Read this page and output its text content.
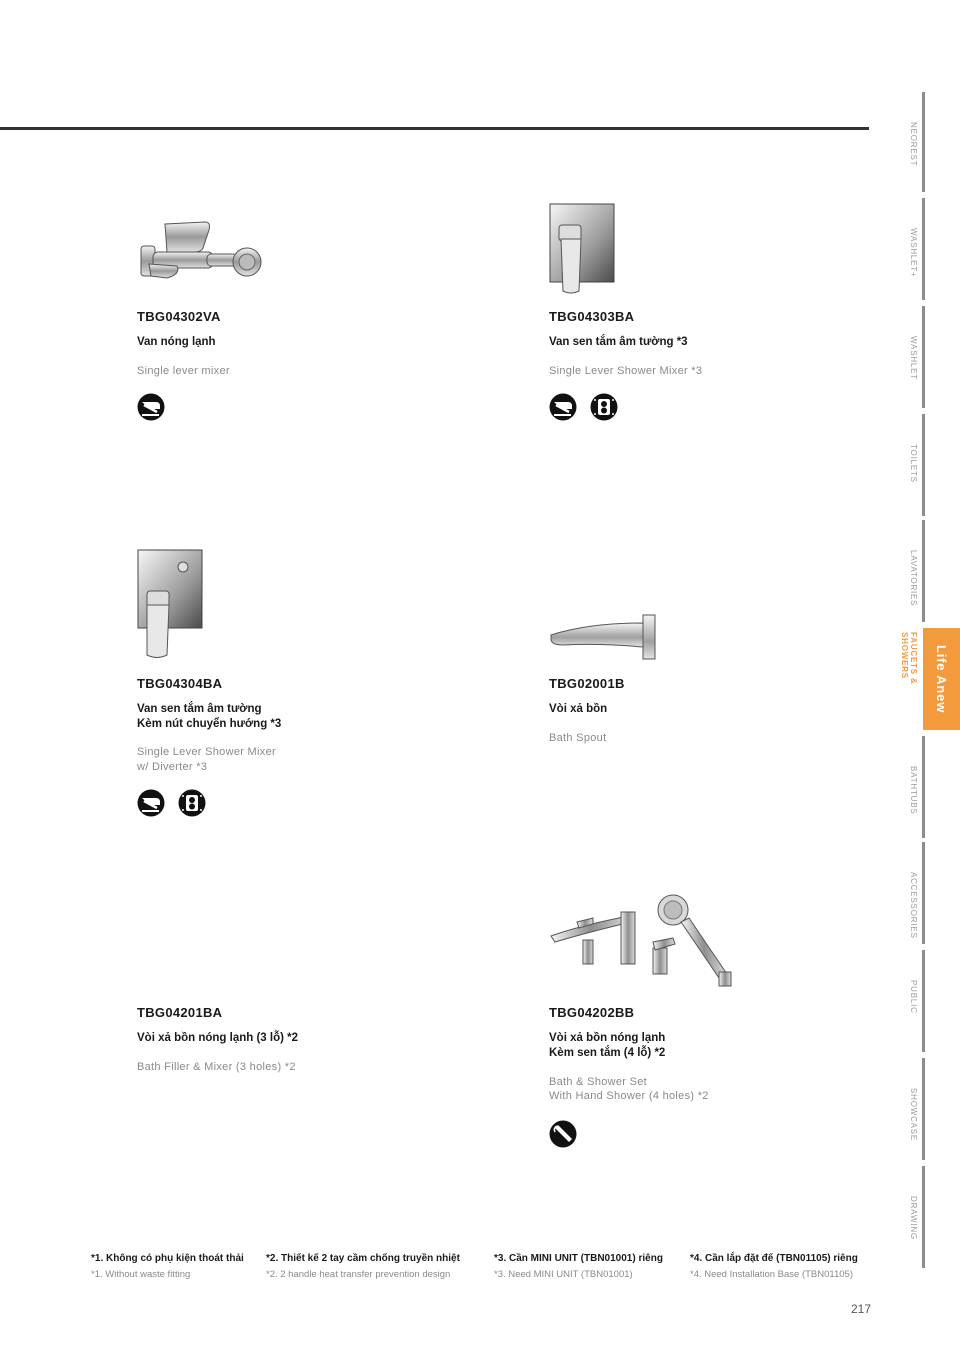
TBG04302VA
Van nóng lạnh
Single lever mixer
TBG04303BA
Van sen tắm âm tường *3
Single Lever Shower Mixer *3
TBG04304BA
Van sen tắm âm tường
Kèm nút chuyển hướng *3
Single Lever Shower Mixer
w/ Diverter *3
TBG02001B
Vòi xả bồn
Bath Spout
TBG04201BA
Vòi xả bồn nóng lạnh (3 lỗ) *2
Bath Filler & Mixer (3 holes) *2
TBG04202BB
Vòi xả bồn nóng lạnh
Kèm sen tắm (4 lỗ) *2
Bath & Shower Set
With Hand Shower (4 holes) *2
*1. Không có phụ kiện thoát thải
*1. Without waste fitting
*2. Thiết kế 2 tay cầm chống truyền nhiệt
*2. 2 handle heat transfer prevention design
*3. Cần MINI UNIT (TBN01001) riêng
*3. Need MINI UNIT (TBN01001)
*4. Cần lắp đặt đế (TBN01105) riêng
*4. Need Installation Base (TBN01105)
217
NEOREST
WASHLET+
WASHLET
TOILETS
LAVATORIES
FAUCETS & SHOWERS
BATHTUBS
ACCESSORIES
PUBLIC
SHOWCASE
DRAWING
Life Anew
